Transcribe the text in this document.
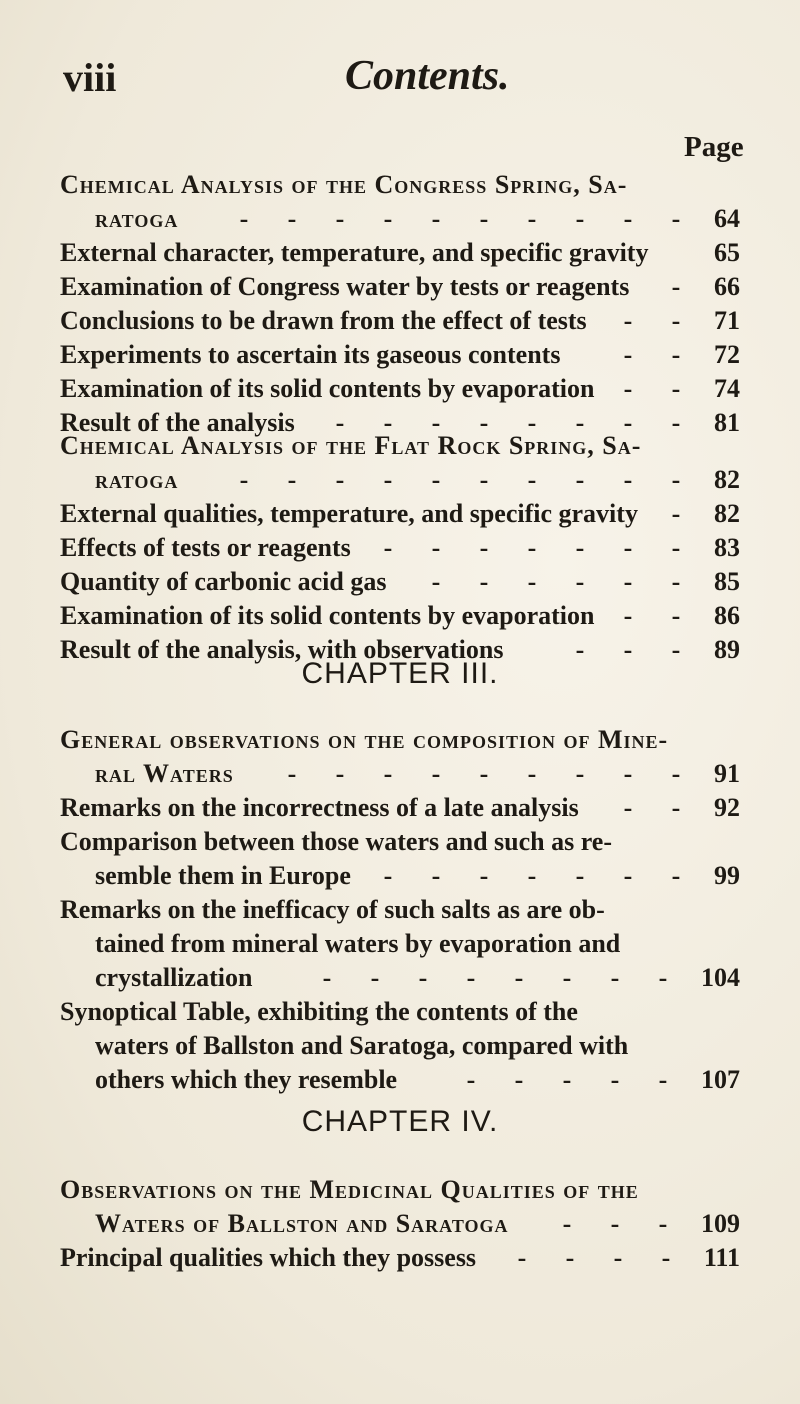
viii	Contents.
Page
Chemical Analysis of the Congress Spring, Sa-
ratoga	64
- - - - - - - - - -
External character, temperature, and specific gravity	65
Examination of Congress water by tests or reagents	66
-
Conclusions to be drawn from the effect of tests	71
- -
Experiments to ascertain its gaseous contents	72
- -
Examination of its solid contents by evaporation	74
- -
Result of the analysis	81
- - - - - - - -
Chemical Analysis of the Flat Rock Spring, Sa-
ratoga	82
- - - - - - - - - -
External qualities, temperature, and specific gravity	82
-
Effects of tests or reagents	83
- - - - - - -
Quantity of carbonic acid gas	85
- - - - - -
Examination of its solid contents by evaporation	86
- -
Result of the analysis, with observations	89
- - -
CHAPTER III.
General observations on the composition of Mine-
ral Waters	91
- - - - - - - - -
Remarks on the incorrectness of a late analysis	92
- -
Comparison between those waters and such as re-
semble them in Europe	99
- - - - - - -
Remarks on the inefficacy of such salts as are ob-
tained from mineral waters by evaporation and
crystallization	104
- - - - - - - -
Synoptical Table, exhibiting the contents of the
waters of Ballston and Saratoga, compared with
others which they resemble	107
- - - - -
CHAPTER IV.
Observations on the Medicinal Qualities of the
Waters of Ballston and Saratoga	109
- - -
Principal qualities which they possess	111
- - - -
